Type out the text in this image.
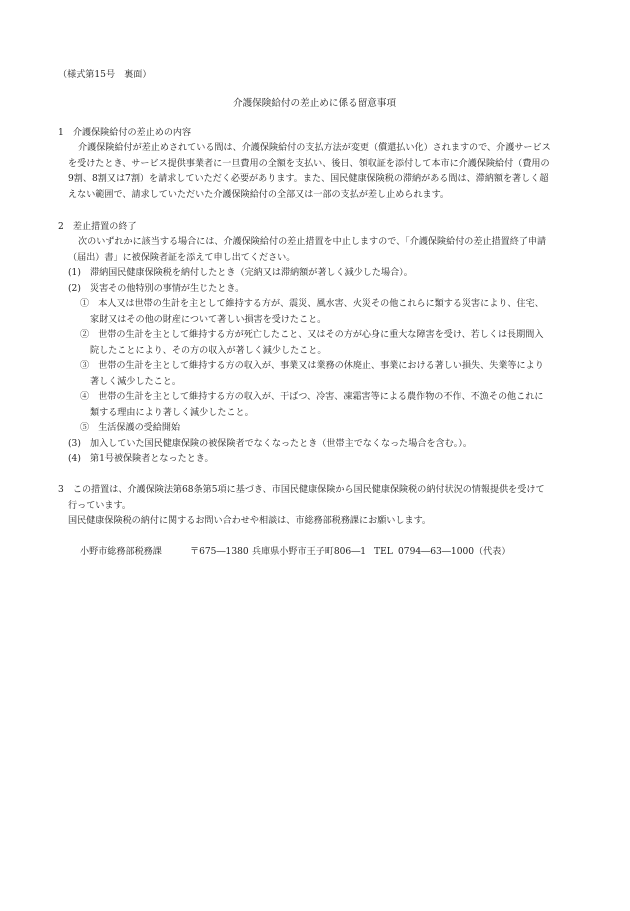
（様式第15号　裏面）
介護保険給付の差止めに係る留意事項
1　介護保険給付の差止めの内容
介護保険給付が差止めされている間は、介護保険給付の支払方法が変更（償還払い化）されますので、介護サービス
を受けたとき、サービス提供事業者に一旦費用の全額を支払い、後日、領収証を添付して本市に介護保険給付（費用の
9割、8割又は7割）を請求していただく必要があります。また、国民健康保険税の滞納がある間は、滞納額を著しく超
えない範囲で、請求していただいた介護保険給付の全部又は一部の支払が差し止められます。
2　差止措置の終了
次のいずれかに該当する場合には、介護保険給付の差止措置を中止しますので、「介護保険給付の差止措置終了申請
（届出）書」に被保険者証を添えて申し出てください。
(1)　滞納国民健康保険税を納付したとき（完納又は滞納額が著しく減少した場合）。
(2)　災害その他特別の事情が生じたとき。
①　本人又は世帯の生計を主として維持する方が、震災、風水害、火災その他これらに類する災害により、住宅、
家財又はその他の財産について著しい損害を受けたこと。
②　世帯の生計を主として維持する方が死亡したこと、又はその方が心身に重大な障害を受け、若しくは長期間入
院したことにより、その方の収入が著しく減少したこと。
③　世帯の生計を主として維持する方の収入が、事業又は業務の休廃止、事業における著しい損失、失業等により
著しく減少したこと。
④　世帯の生計を主として維持する方の収入が、干ばつ、冷害、凍霜害等による農作物の不作、不漁その他これに
類する理由により著しく減少したこと。
⑤　生活保護の受給開始
(3)　加入していた国民健康保険の被保険者でなくなったとき（世帯主でなくなった場合を含む。）。
(4)　第1号被保険者となったとき。
3　この措置は、介護保険法第68条第5項に基づき、市国民健康保険から国民健康保険税の納付状況の情報提供を受けて
行っています。
国民健康保険税の納付に関するお問い合わせや相談は、市総務部税務課にお願いします。
小野市総務部税務課	〒675―1380 兵庫県小野市王子町806―1 TEL 0794―63―1000（代表）
